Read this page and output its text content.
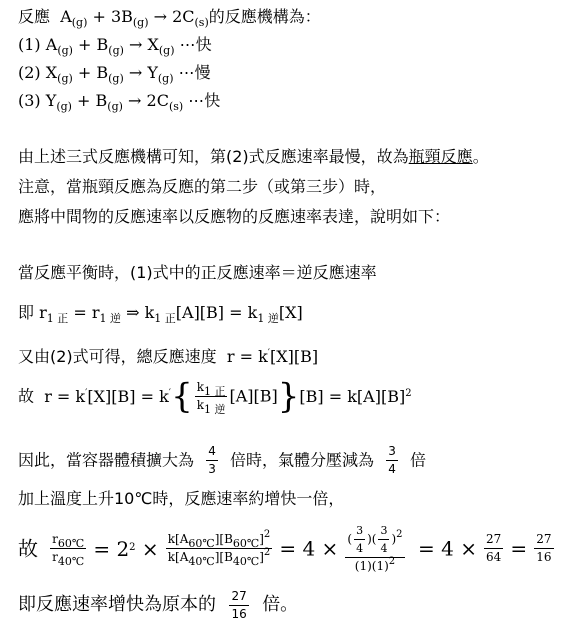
反應  $A_{(g)} + 3B_{(g)} \to 2C_{(s)}$的反應機構為：
(1) $A_{(g)} + B_{(g)} \to X_{(g)}$ ⋯快
(2) $X_{(g)} + B_{(g)} \to Y_{(g)}$ ⋯慢
(3) $Y_{(g)} + B_{(g)} \to 2C_{(s)}$ ⋯快
由上述三式反應機構可知，第(2)式反應速率最慢，故為瓶頸反應。
注意，當瓶頸反應為反應的第二步（或第三步）時，
應將中間物的反應速率以反應物的反應速率表達，說明如下：
當反應平衡時，(1)式中的正反應速率＝逆反應速率
即 $r_{1 正} = r_{1 逆}$ ⇒ $k_{1 正}[A][B] = k_{1 逆}[X]$
又由(2)式可得，總反應速度  r = k′[X][B]
故 $r = k'[X][B] = k'\{ \frac{k_{1 正}}{k_{1 逆}} [A][B]\}[B] = k[A][B]^2$
因此，當容器體積擴大為 $\frac{4}{3}$ 倍時，氣體分壓減為 $\frac{3}{4}$ 倍
加上溫度上升10℃時，反應速率約增快一倍，
故 $\frac{r_{60℃}}{r_{40℃}} = 2^2 \times \frac{k[A_{60℃}][B_{60℃}]^2}{k[A_{40℃}][B_{40℃}]^2} = 4 \times \frac{( \frac{3}{4} )( \frac{3}{4} )^2}{(1)(1)^2} = 4 \times \frac{27}{64} = \frac{27}{16}$
即反應速率增快為原本的 $\frac{27}{16}$ 倍。
